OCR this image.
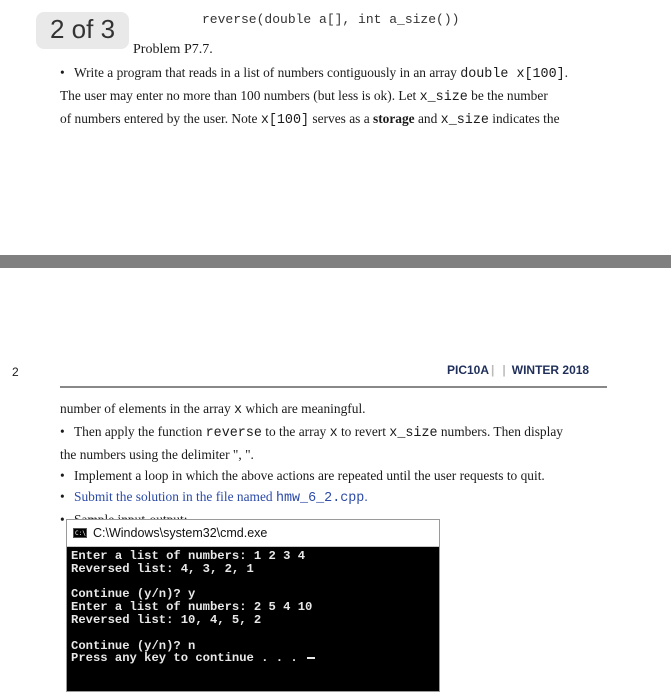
2 of 3	reverse(double a[], int a_size())
Problem P7.7.
• Write a program that reads in a list of numbers contiguously in an array double x[100].
The user may enter no more than 100 numbers (but less is ok). Let x_size be the number
of numbers entered by the user. Note x[100] serves as a storage and x_size indicates the
2	PIC10A | | WINTER 2018
number of elements in the array x which are meaningful.
• Then apply the function reverse to the array x to revert x_size numbers. Then display
the numbers using the delimiter ", ".
• Implement a loop in which the above actions are repeated until the user requests to quit.
• Submit the solution in the file named hmw_6_2.cpp.
•
C:\ C:\Windows\system32\cmd.exe
Enter a list of numbers: 1 2 3 4
Reversed list: 4, 3, 2, 1
Continue (y/n)? y
Enter a list of numbers: 2 5 4 10
Reversed list: 10, 4, 5, 2
Continue (y/n)? n
Press any key to continue . . .
